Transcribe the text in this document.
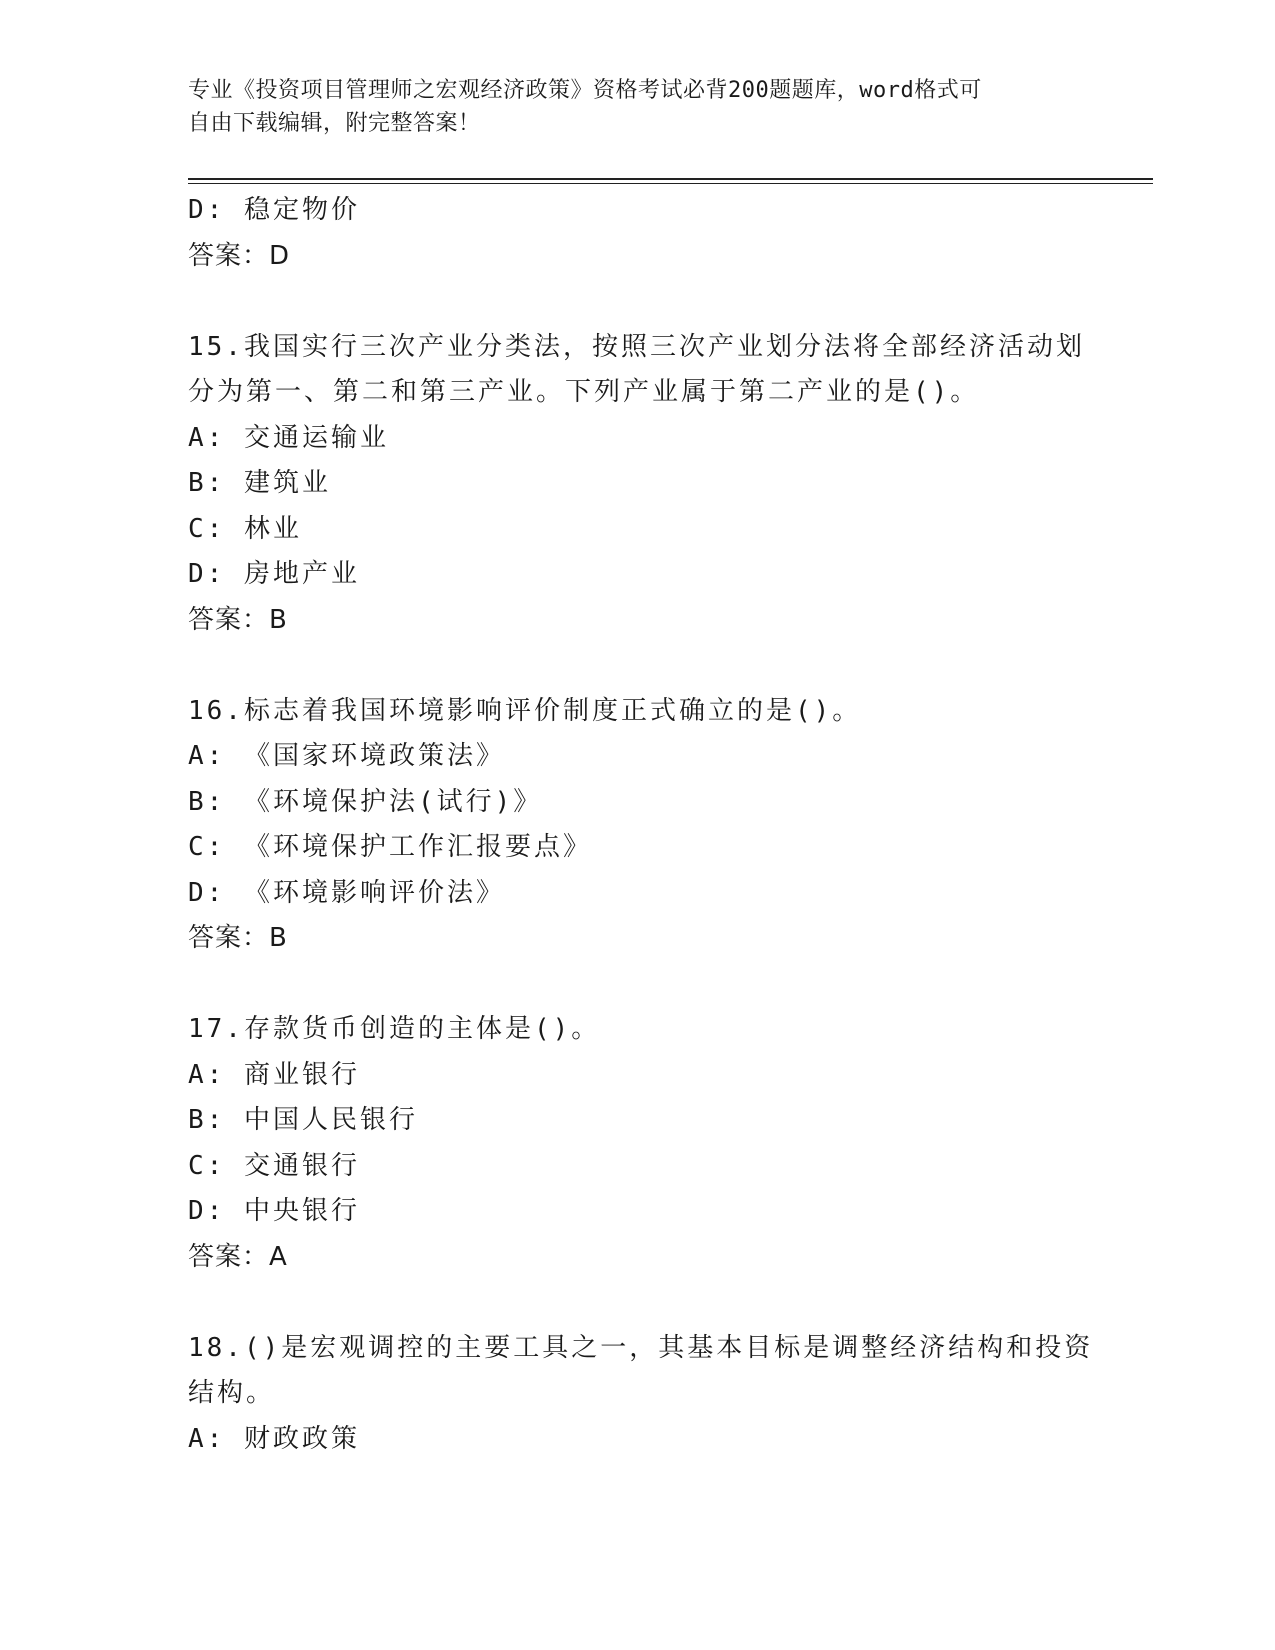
专业《投资项目管理师之宏观经济政策》资格考试必背200题题库，word格式可
自由下载编辑，附完整答案！
D: 稳定物价
答案：D
15.我国实行三次产业分类法，按照三次产业划分法将全部经济活动划
分为第一、第二和第三产业。下列产业属于第二产业的是()。
A: 交通运输业
B: 建筑业
C: 林业
D: 房地产业
答案：B
16.标志着我国环境影响评价制度正式确立的是()。
A: 《国家环境政策法》
B: 《环境保护法(试行)》
C: 《环境保护工作汇报要点》
D: 《环境影响评价法》
答案：B
17.存款货币创造的主体是()。
A: 商业银行
B: 中国人民银行
C: 交通银行
D: 中央银行
答案：A
18.()是宏观调控的主要工具之一，其基本目标是调整经济结构和投资
结构。
A: 财政政策
